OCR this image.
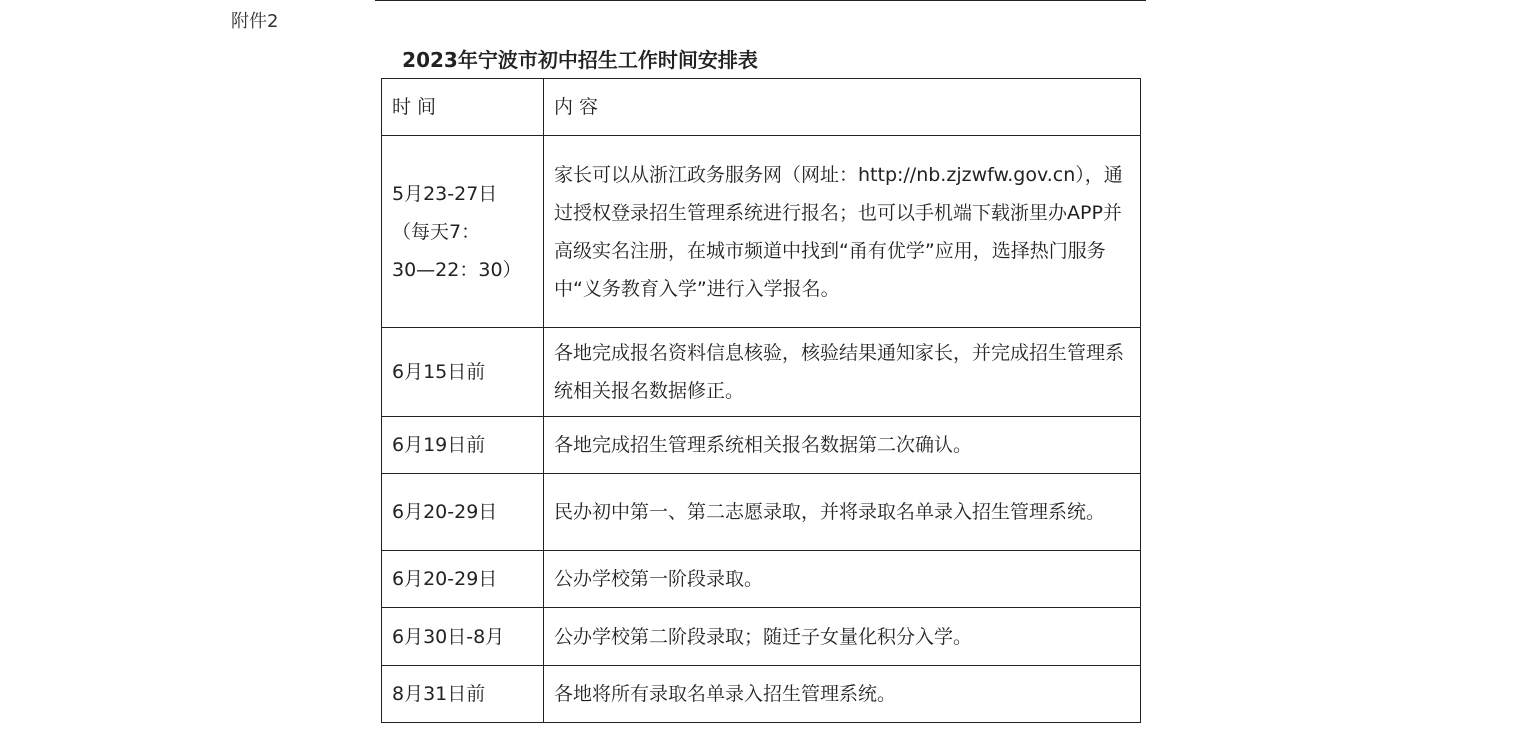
附件2
2023年宁波市初中招生工作时间安排表
时 间	内 容
5月23-27日
（每天7：
30—22：30）	家长可以从浙江政务服务网（网址：http://nb.zjzwfw.gov.cn），通过授权登录招生管理系统进行报名；也可以手机端下载浙里办APP并高级实名注册，在城市频道中找到“甬有优学”应用，选择热门服务中“义务教育入学”进行入学报名。
6月15日前	各地完成报名资料信息核验，核验结果通知家长，并完成招生管理系统相关报名数据修正。
6月19日前	各地完成招生管理系统相关报名数据第二次确认。
6月20-29日	民办初中第一、第二志愿录取，并将录取名单录入招生管理系统。
6月20-29日	公办学校第一阶段录取。
6月30日-8月	公办学校第二阶段录取；随迁子女量化积分入学。
8月31日前	各地将所有录取名单录入招生管理系统。
